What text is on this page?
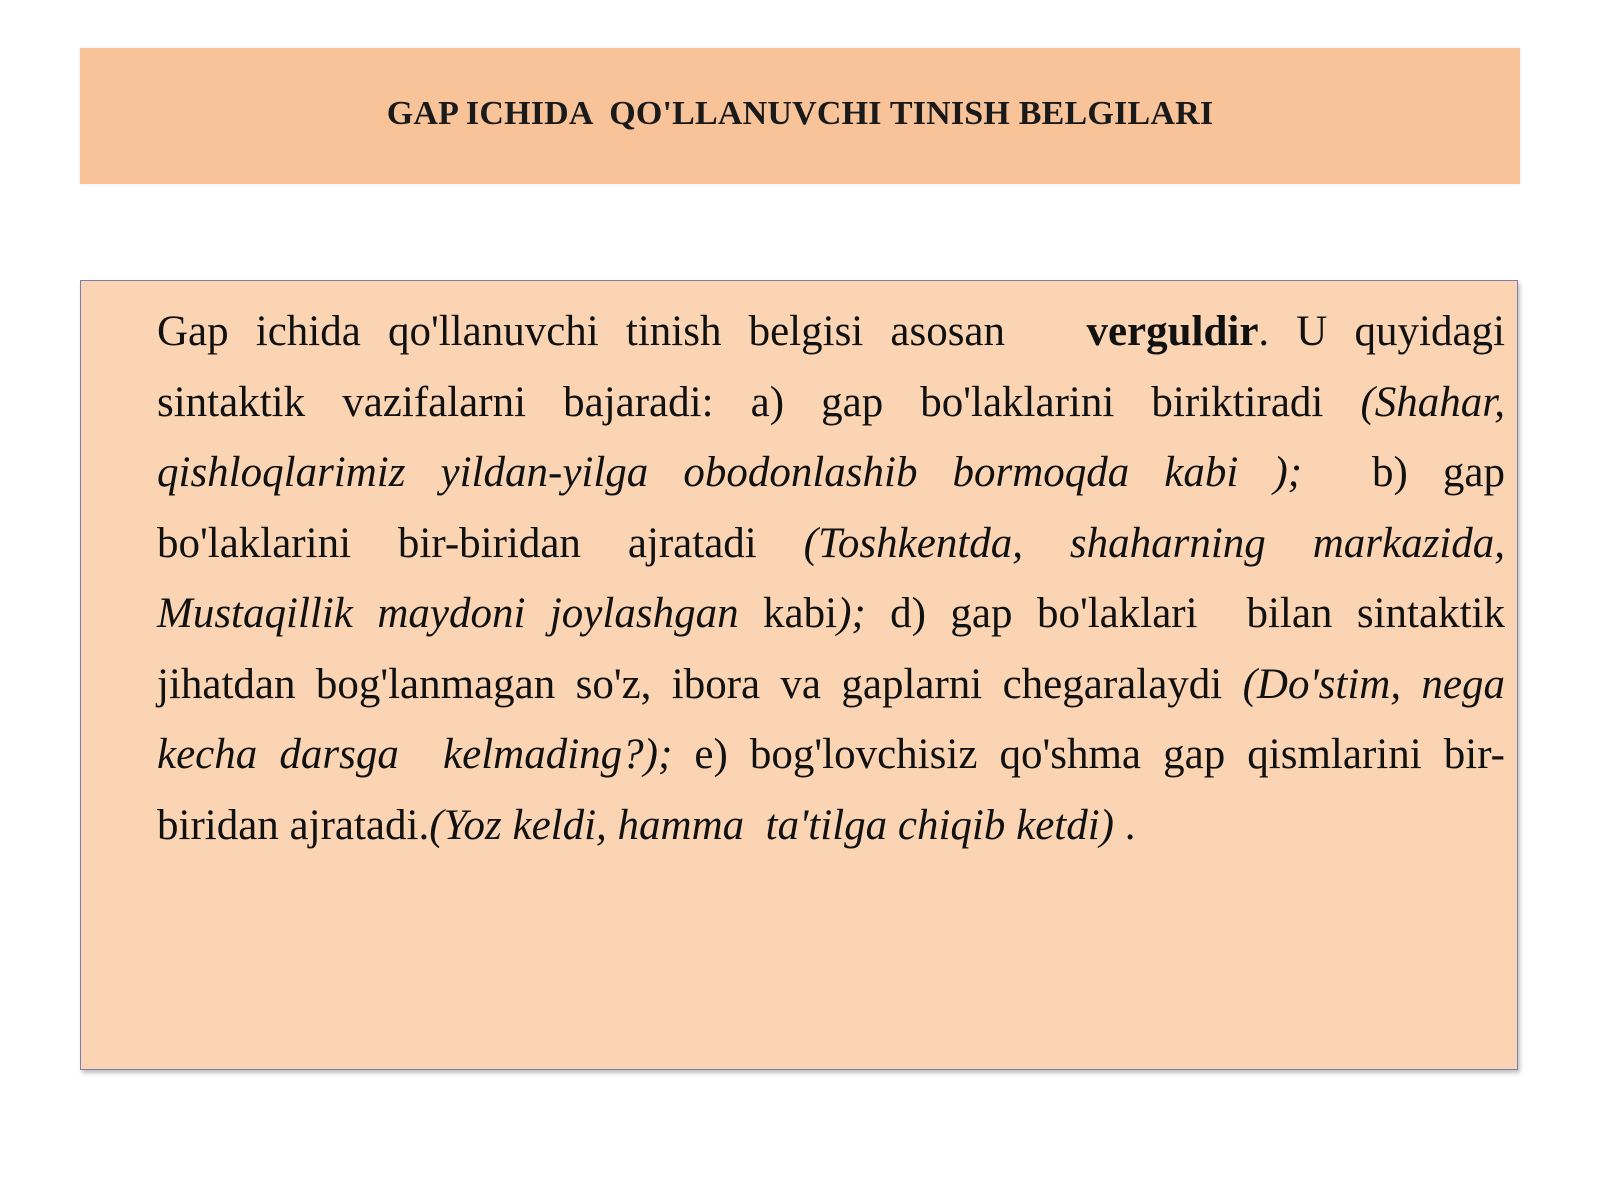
GAP ICHIDA  QO'LLANUVCHI TINISH BELGILARI

Gap ichida qo'llanuvchi tinish belgisi asosan   verguldir. U quyidagi  sintaktik vazifalarni bajaradi: a) gap bo'laklarini biriktiradi (Shahar, qishloqlarimiz yildan-yilga obodonlashib bormoqda kabi );  b) gap bo'laklarini bir-biridan ajratadi (Toshkentda, shaharning markazida, Mustaqillik maydoni joylashgan kabi); d) gap bo'laklari  bilan sintaktik jihatdan bog'lanmagan so'z, ibora va gaplarni chegaralaydi (Do'stim, nega kecha darsga  kelmading?); e) bog'lovchisiz qo'shma gap qismlarini bir-biridan ajratadi.(Yoz keldi, hamma  ta'tilga chiqib ketdi) .
